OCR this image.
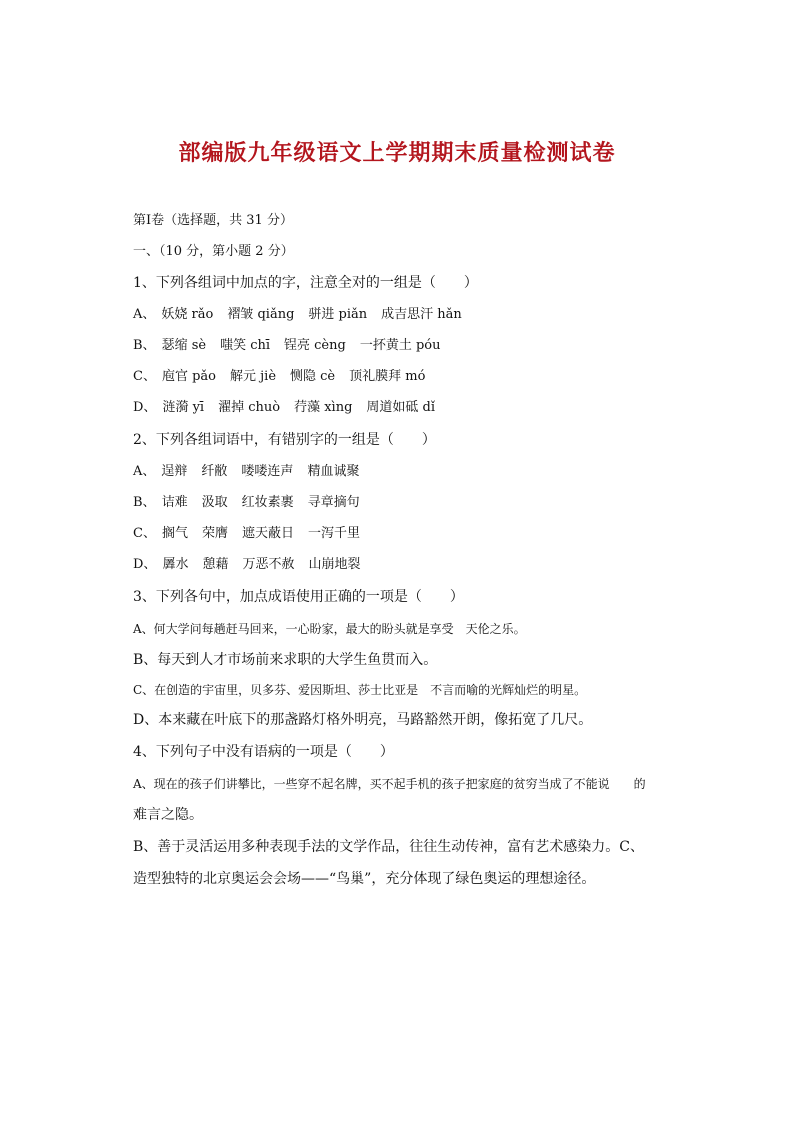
部编版九年级语文上学期期末质量检测试卷
第Ⅰ卷（选择题，共 31 分）
一、（10 分，第小题 2 分）
1、下列各组词中加点的字，注意全对的一组是（　　）
A、 妖娆 rǎo 褶皱 qiǎng 骈进 piǎn 成吉思汗 hǎn
B、 瑟缩 sè 嗤笑 chī 锃亮 cèng 一抔黄土 póu
C、 庖官 pǎo 解元 jiè 恻隐 cè 顶礼膜拜 mó
D、 涟漪 yī 濯掉 chuò 荇藻 xìng 周道如砥 dǐ
2、下列各组词语中，有错别字的一组是（　　）
A、 逞辩 纤敝 喽喽连声 精血诚聚
B、 诘难 汲取 红妆素裹 寻章摘句
C、 搁气 荣膺 遮天蔽日 一泻千里
D、 羼水 憩藉 万恶不赦 山崩地裂
3、下列各句中，加点成语使用正确的一项是（　　）
A、何大学问每趟赶马回来，一心盼家，最大的盼头就是享受　天伦之乐。
B、每天到人才市场前来求职的大学生鱼贯而入。
C、在创造的宇宙里，贝多芬、爱因斯坦、莎士比亚是　不言而喻的光辉灿烂的明星。
D、本来藏在叶底下的那盏路灯格外明亮，马路豁然开朗，像拓宽了几尺。
4、下列句子中没有语病的一项是（　　）
A、现在的孩子们讲攀比，一些穿不起名牌，买不起手机的孩子把家庭的贫穷当成了不能说　　的
难言之隐。
B、善于灵活运用多种表现手法的文学作品，往往生动传神，富有艺术感染力。C、
造型独特的北京奥运会会场——“鸟巢”，充分体现了绿色奥运的理想途径。
